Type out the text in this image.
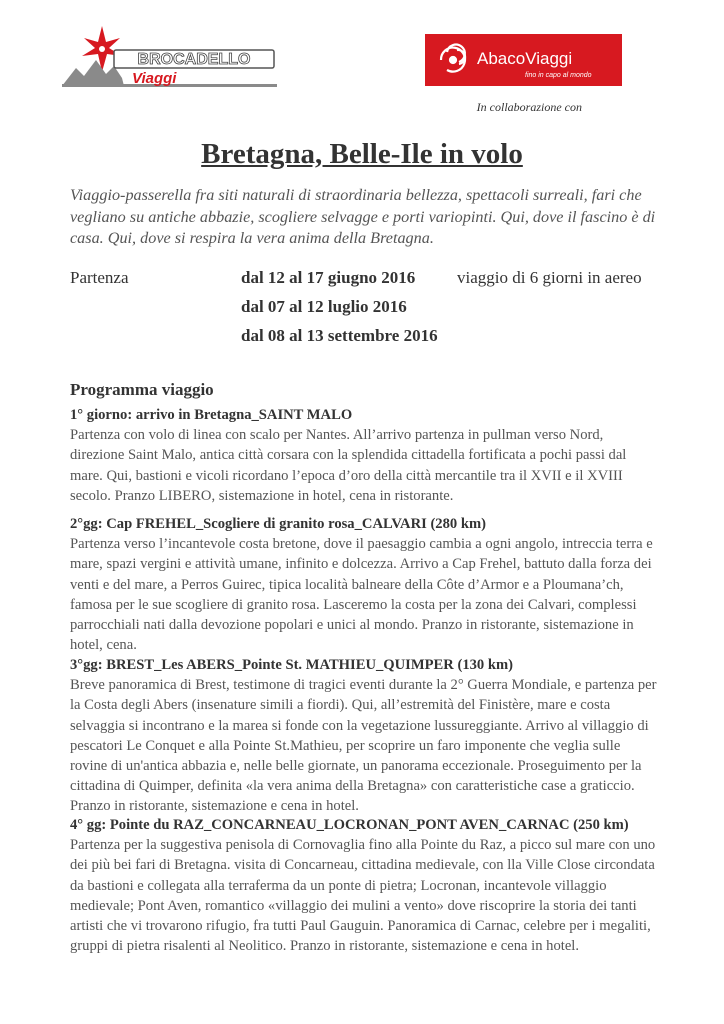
BROCADELLO
Viaggi
AbacoViaggi
fino in capo al mondo
In collaborazione con
Bretagna, Belle-Ile in volo

Viaggio-passerella fra siti naturali di straordinaria bellezza, spettacoli surreali, fari che vegliano su antiche abbazie, scogliere selvagge e porti variopinti. Qui, dove il fascino è di casa. Qui, dove si respira la vera anima della Bretagna.

Partenza	dal 12 al 17 giugno 2016 viaggio di 6 giorni in aereo
dal 07 al 12 luglio 2016
dal 08 al 13 settembre 2016
Programma viaggio

1° giorno: arrivo in Bretagna_SAINT MALO
Partenza con volo di linea con scalo per Nantes. All’arrivo partenza in pullman verso Nord, direzione Saint Malo, antica città corsara con la splendida cittadella fortificata a pochi passi dal mare. Qui, bastioni e vicoli ricordano l’epoca d’oro della città mercantile tra il XVII e il XVIII secolo. Pranzo LIBERO, sistemazione in hotel, cena in ristorante.

2°gg: Cap FREHEL_Scogliere di granito rosa_CALVARI (280 km)
Partenza verso l’incantevole costa bretone, dove il paesaggio cambia a ogni angolo, intreccia terra e mare, spazi vergini e attività umane, infinito e dolcezza. Arrivo a Cap Frehel, battuto dalla forza dei venti e del mare, a Perros Guirec, tipica località balneare della Côte d’Armor e a Ploumana’ch, famosa per le sue scogliere di granito rosa. Lasceremo la costa per la zona dei Calvari, complessi parrocchiali nati dalla devozione popolari e unici al mondo. Pranzo in ristorante, sistemazione in hotel, cena.

3°gg: BREST_Les ABERS_Pointe St. MATHIEU_QUIMPER (130 km)
Breve panoramica di Brest, testimone di tragici eventi durante la 2° Guerra Mondiale, e partenza per la Costa degli Abers (insenature simili a fiordi). Qui, all’estremità del Finistère, mare e costa selvaggia si incontrano e la marea si fonde con la vegetazione lussureggiante. Arrivo al villaggio di pescatori Le Conquet e alla Pointe St.Mathieu, per scoprire un faro imponente che veglia sulle rovine di un'antica abbazia e, nelle belle giornate, un panorama eccezionale. Proseguimento per la cittadina di Quimper, definita «la vera anima della Bretagna» con caratteristiche case a graticcio. Pranzo in ristorante, sistemazione e cena in hotel.

4° gg: Pointe du RAZ_CONCARNEAU_LOCRONAN_PONT AVEN_CARNAC (250 km)
Partenza per la suggestiva penisola di Cornovaglia fino alla Pointe du Raz, a picco sul mare con uno dei più bei fari di Bretagna. visita di Concarneau, cittadina medievale, con lla Ville Close circondata da bastioni e collegata alla terraferma da un ponte di pietra; Locronan, incantevole villaggio medievale; Pont Aven, romantico «villaggio dei mulini a vento» dove riscoprire la storia dei tanti artisti che vi trovarono rifugio, fra tutti Paul Gauguin. Panoramica di Carnac, celebre per i megaliti, gruppi di pietra risalenti al Neolitico. Pranzo in ristorante, sistemazione e cena in hotel.
